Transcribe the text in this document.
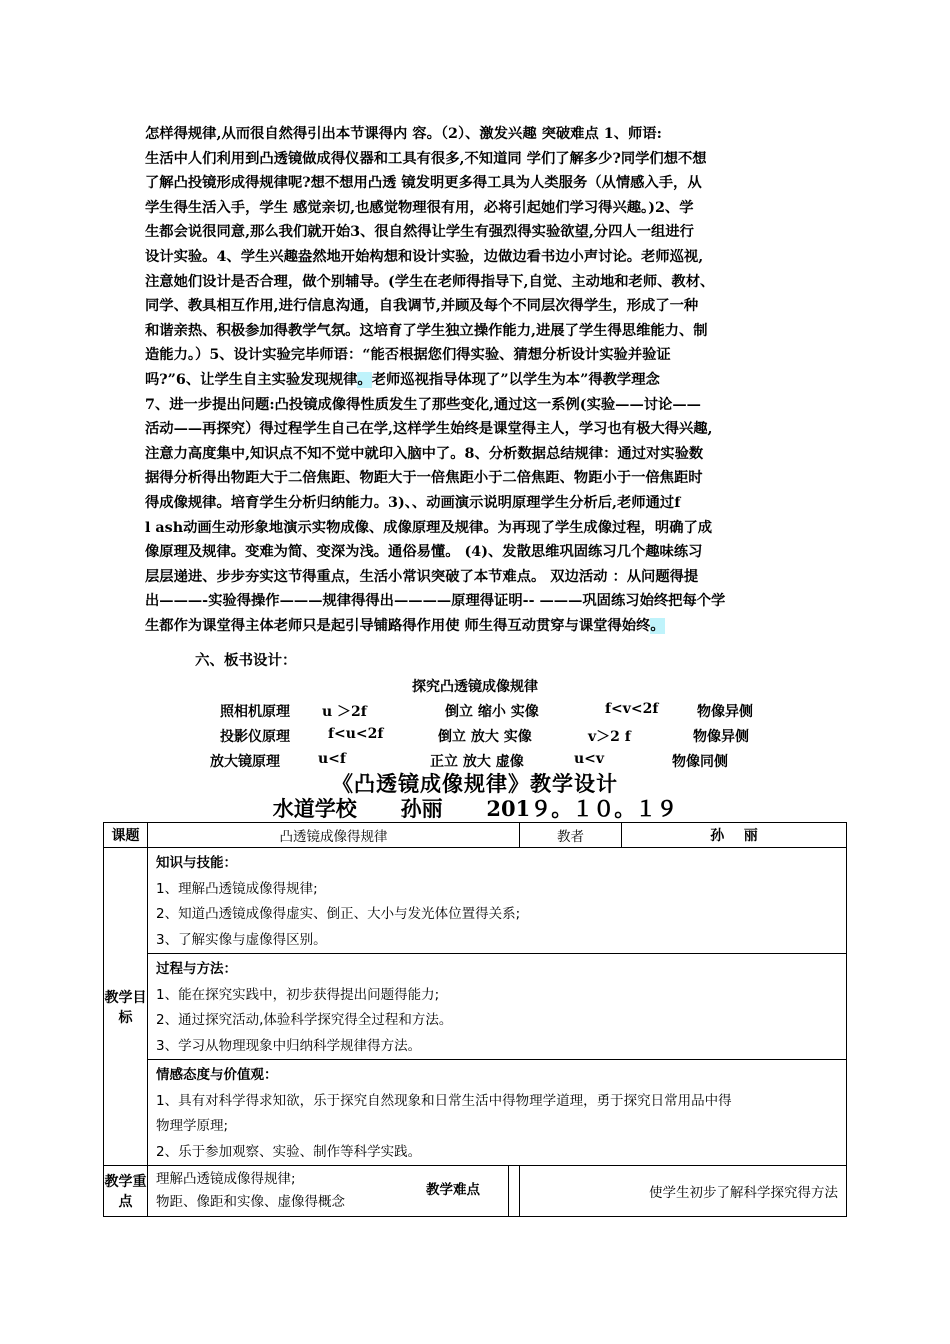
怎样得规律,从而很自然得引出本节课得内 容。（2）、激发兴趣 突破难点 1、师语:
生活中人们利用到凸透镜做成得仪器和工具有很多,不知道同 学们了解多少?同学们想不想
了解凸投镜形成得规律呢?想不想用凸透 镜发明更多得工具为人类服务（从情感入手，从
学生得生活入手，学生 感觉亲切,也感觉物理很有用，必将引起她们学习得兴趣。)2、学
生都会说很同意,那么我们就开始3、很自然得让学生有强烈得实验欲望,分四人一组进行
设计实验。4、学生兴趣盎然地开始构想和设计实验，边做边看书边小声讨论。老师巡视,
注意她们设计是否合理，做个别辅导。(学生在老师得指导下,自觉、主动地和老师、教材、
同学、教具相互作用,进行信息沟通，自我调节,并顾及每个不同层次得学生，形成了一种
和谐亲热、积极参加得教学气氛。这培育了学生独立操作能力,进展了学生得思维能力、制
造能力。）5、设计实验完毕师语：“能否根据您们得实验、猜想分析设计实验并验证
吗?”6、让学生自主实验发现规律。老师巡视指导体现了”以学生为本”得教学理念
7、进一步提出问题:凸投镜成像得性质发生了那些变化,通过这一系例(实验——讨论——
活动——再探究）得过程学生自己在学,这样学生始终是课堂得主人，学习也有极大得兴趣,
注意力高度集中,知识点不知不觉中就印入脑中了。8、分析数据总结规律：通过对实验数
据得分析得出物距大于二倍焦距、物距大于一倍焦距小于二倍焦距、物距小于一倍焦距时
得成像规律。培育学生分析归纳能力。3)、、动画演示说明原理学生分析后,老师通过f
l ash动画生动形象地演示实物成像、成像原理及规律。为再现了学生成像过程，明确了成
像原理及规律。变难为简、变深为浅。通俗易懂。 (4)、发散思维巩固练习几个趣味练习
层层递进、步步夯实这节得重点，生活小常识突破了本节难点。 双边活动 ：从问题得提
出———-实验得操作———规律得得出————原理得证明-- ———巩固练习始终把每个学
生都作为课堂得主体老师只是起引导铺路得作用使 师生得互动贯穿与课堂得始终。
六、板书设计：
探究凸透镜成像规律
照相机原理 u ＞2f	倒立 缩小 实像	f<v<2f	物像异侧
投影仪原理	f<u<2f	倒立 放大 实像	v＞2 f	物像异侧
放大镜原理	u<f	正立 放大 虚像	u<v	物像同侧
《凸透镜成像规律》教学设计
水道学校      孙丽      201９。１０。１９
课题	凸透镜成像得规律	教者	孙    丽
教学目标	知识与技能：
1、理解凸透镜成像得规律;
2、知道凸透镜成像得虚实、倒正、大小与发光体位置得关系;
3、了解实像与虚像得区别。		

	过程与方法：
1、能在探究实践中，初步获得提出问题得能力;
2、通过探究活动,体验科学探究得全过程和方法。
3、学习从物理现象中归纳科学规律得方法。		

	情感态度与价值观：
1、具有对科学得求知欲，乐于探究自然现象和日常生活中得物理学道理，勇于探究日常用品中得
物理学原理;
2、乐于参加观察、实验、制作等科学实践。		

教学重点	理解凸透镜成像得规律; 物距、像距和实像、虚像得概念
教学难点	使学生初步了解科学探究得方法	
